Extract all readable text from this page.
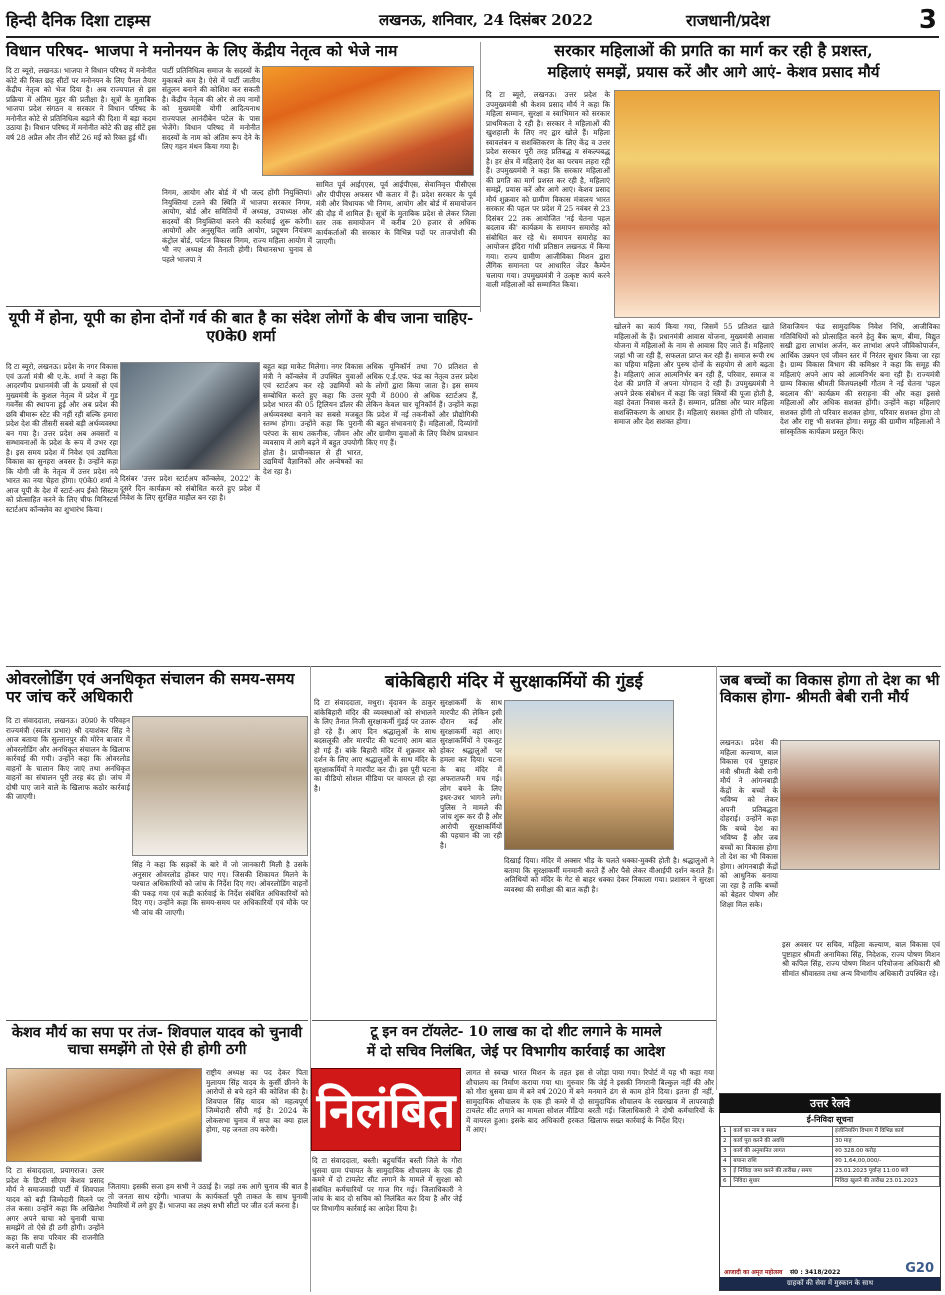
हिन्दी दैनिक दिशा टाइम्स	लखनऊ, शनिवार, 24 दिसंबर 2022	राजधानी/प्रदेश	3
विधान परिषद- भाजपा ने मनोनयन के लिए केंद्रीय नेतृत्व को भेजे नाम
दि टा ब्यूरो, लखनऊ। भाजपा ने विधान परिषद में मनोनीत कोटे की रिक्त छह सीटों पर मनोनयन के लिए पैनल तैयार केंद्रीय नेतृत्व को भेज दिया है। अब राज्यपाल से इस प्रक्रिया में अंतिम मुहर की प्रतीक्षा है। सूत्रों के मुताबिक भाजपा प्रदेश संगठन व सरकार ने विधान परिषद के मनोनीत कोटे से प्रतिनिधित्व बढ़ाने की दिशा में बड़ा कदम उठाया है। विधान परिषद में मनोनीत कोटे की छह सीटें इस वर्ष 28 अप्रैल और तीन सीटें 26 मई को रिक्त हुई थीं।
पार्टी प्रतिनिधित्व समाज के सदस्यों के मुकाबले कम है। ऐसे में पार्टी जातीय संतुलन बनाने की कोशिश कर सकती है। केंद्रीय नेतृत्व की ओर से तय नामों को मुख्यमंत्री योगी आदित्यनाथ राज्यपाल आनंदीबेन पटेल के पास भेजेंगे। विधान परिषद में मनोनीत सदस्यों के नाम को अंतिम रूप देने के लिए गहन मंथन किया गया है।
निगम, आयोग और बोर्ड में भी जल्द होंगी नियुक्तियां। नियुक्तियां टलने की स्थिति में भाजपा सरकार निगम, आयोग, बोर्ड और समितियों में अध्यक्ष, उपाध्यक्ष और सदस्यों की नियुक्तियां करने की कार्रवाई शुरू करेगी। आयोगों और अनुसूचित जाति आयोग, प्रदूषण नियंत्रण कंट्रोल बोर्ड, पर्यटन विकास निगम, राज्य महिला आयोग में भी नए अध्यक्ष की तैनाती होगी। विधानसभा चुनाव से पहले भाजपा ने
सामित पूर्व आईएएस, पूर्व आईपीएस, सेवानिवृत्त पीसीएस और पीपीएस अफसर भी कतार में हैं। प्रदेश सरकार के पूर्व मंत्री और विधायक भी निगम, आयोग और बोर्ड में समायोजन की दौड़ में शामिल हैं। सूत्रों के मुताबिक प्रदेश से लेकर जिला स्तर तक समायोजन में करीब 20 हजार से अधिक कार्यकर्ताओं की सरकार के विभिन्न पदों पर ताजपोशी की जाएगी।
सरकार महिलाओं की प्रगति का मार्ग कर रही है प्रशस्त,
महिलाएं समझें, प्रयास करें और आगे आएं- केशव प्रसाद मौर्य
दि टा ब्यूरो, लखनऊ। उत्तर प्रदेश के उपमुख्यमंत्री श्री केशव प्रसाद मौर्य ने कहा कि महिला सम्मान, सुरक्षा व स्वाभिमान को सरकार प्राथमिकता दे रही है। सरकार ने महिलाओं की खुशहाली के लिए नए द्वार खोले हैं। महिला स्वावलंबन व सशक्तिकरण के लिए केंद्र व उत्तर प्रदेश सरकार पूरी तरह प्रतिबद्ध व संकल्पबद्ध है। हर क्षेत्र में महिलाएं देश का परचम लहरा रही हैं। उपमुख्यमंत्री ने कहा कि सरकार महिलाओं की प्रगति का मार्ग प्रशस्त कर रही है, महिलाएं समझें, प्रयास करें और आगे आएं। केशव प्रसाद मौर्य शुक्रवार को ग्रामीण विकास मंत्रालय भारत सरकार की पहल पर प्रदेश में 25 नवंबर से 23 दिसंबर 22 तक आयोजित 'नई चेतना पहल बदलाव की' कार्यक्रम के समापन समारोह को संबोधित कर रहे थे। समापन समारोह का आयोजन इंदिरा गांधी प्रतिष्ठान लखनऊ में किया गया। राज्य ग्रामीण आजीविका मिशन द्वारा लैंगिक समानता पर आधारित जेंडर कैम्पेन चलाया गया। उपमुख्यमंत्री ने उत्कृष्ट कार्य करने वाली महिलाओं को सम्मानित किया।
खोलने का कार्य किया गया, जिसमें 55 प्रतिशत खाते महिलाओं के हैं। प्रधानमंत्री आवास योजना, मुख्यमंत्री आवास योजना में महिलाओं के नाम से आवास दिए जाते हैं। महिलाएं जहां भी जा रही हैं, सफलता प्राप्त कर रही हैं। समाज रूपी रथ का पहिया महिला और पुरुष दोनों के सहयोग से आगे बढ़ता है। महिलाएं आज आत्मनिर्भर बन रही हैं, परिवार, समाज व देश की प्रगति में अपना योगदान दे रही हैं। उपमुख्यमंत्री ने अपने प्रेरक संबोधन में कहा कि जहां स्त्रियों की पूजा होती है, वहां देवता निवास करते हैं। सम्मान, प्रतिष्ठा और प्यार महिला सशक्तिकरण के आधार हैं। महिलाएं सशक्त होंगी तो परिवार, समाज और देश सशक्त होगा।
शिवाजियन फंड सामुदायिक निवेश निधि, आजीविका गतिविधियों को प्रोत्साहित करने हेतु बैंक ऋण, बीमा, विद्युत सखी द्वारा लाभांश अर्जन, कर लाभांश अपने जीविकोपार्जन, आर्थिक उन्नयन एवं जीवन स्तर में निरंतर सुधार किया जा रहा है। ग्राम्य विकास विभाग की कमिश्नर ने कहा कि समूह की महिलाएं अपने आप को आत्मनिर्भर बना रही हैं। राज्यमंत्री ग्राम्य विकास श्रीमती विजयलक्ष्मी गौतम ने नई चेतना 'पहल बदलाव की' कार्यक्रम की सराहना की और कहा इससे महिलाओं और अधिक सशक्त होंगी। उन्होंने कहा महिलाएं सशक्त होंगी तो परिवार सशक्त होगा, परिवार सशक्त होगा तो देश और राष्ट्र भी सशक्त होगा। समूह की ग्रामीण महिलाओं ने सांस्कृतिक कार्यक्रम प्रस्तुत किए।
यूपी में होना, यूपी का होना दोनों गर्व की बात है का संदेश लोगों के बीच जाना चाहिए- ए0के0 शर्मा
दि टा ब्यूरो, लखनऊ। प्रदेश के नगर विकास एवं ऊर्जा मंत्री श्री ए.के. शर्मा ने कहा कि आदरणीय प्रधानमंत्री जी के प्रयासों से एवं मुख्यमंत्री के कुशल नेतृत्व में प्रदेश में गुड गवर्नेंस की स्थापना हुई और अब प्रदेश की छवि बीमारू स्टेट की नहीं रही बल्कि हमारा प्रदेश देश की तीसरी सबसे बड़ी अर्थव्यवस्था बन गया है। उत्तर प्रदेश अब अवसरों व सम्भावनाओं के प्रदेश के रूप में उभर रहा है। इस समय प्रदेश में निवेश एवं उद्यमिता विकास का सुनहरा अवसर है। उन्होंने कहा कि योगी जी के नेतृत्व में उत्तर प्रदेश नये भारत का नया चेहरा होगा। ए0के0 शर्मा ने आज यूपी के देश में स्टार्ट-अप ईको सिस्टम को प्रोत्साहित करने के लिए चीफ मिनिस्टर्स स्टार्टअप कॉन्क्लेव का शुभारंभ किया।
दिसंबर 'उत्तर प्रदेश स्टार्टअप कॉन्क्लेव, 2022' के दूसरे दिन कार्यक्रम को संबोधित करते हुए प्रदेश में निवेश के लिए सुरक्षित माहौल बन रहा है।
बहुत बड़ा माकेट मिलेगा। नगर विकास मंत्री ने कॉन्क्लेव में उपस्थित युवाओं एवं स्टार्टअप कर रहे उद्यमियों को सम्बोधित करते हुए कहा कि उत्तर प्रदेश भारत की 05 ट्रिलियन डॉलर की अर्थव्यवस्था बनाने का सबसे मजबूत स्तम्भ होगा। उन्होंने कहा कि पुरानी परंपरा के साथ तकनीक, जीवन और व्यवसाय में आगे बढ़ने में बहुत उपयोगी होता है। प्राचीनकाल से ही भारत, उद्यमियों वैज्ञानिकों और अन्वेषकों का देश रहा है।
अधिक यूनिकॉर्न तथा 70 प्रतिशत से अधिक ए.ई.एफ. फंड का नेतृत्व उत्तर प्रदेश के लोगों द्वारा किया जाता है। इस समय यूपी में 8000 से अधिक स्टार्टअप हैं, लेकिन केवल चार यूनिकॉर्न हैं। उन्होंने कहा कि प्रदेश में नई तकनीकों और प्रौद्योगिकी की बहुत संभावनाएं हैं। महिलाओं, दिव्यांगों और ग्रामीण युवाओं के लिए विशेष प्रावधान किए गए हैं।
ओवरलोडिंग एवं अनधिकृत संचालन की समय-समय पर जांच करें अधिकारी
दि टा संवाददाता, लखनऊ। उ0प्र0 के परिवहन राज्यमंत्री (स्वतंत्र प्रभार) श्री दयाशंकर सिंह ने आज बताया कि सुल्तानपुर की मोरेन बाजार में ओवरलोडिंग और अनधिकृत संचालन के खिलाफ कार्रवाई की गयी। उन्होंने कहा कि ओवरलोड वाहनों के चालान किए जाएं तथा अनधिकृत वाहनों का संचालन पूरी तरह बंद हो। जांच में दोषी पाए जाने वाले के खिलाफ कठोर कार्रवाई की जाएगी।
सिंह ने कहा कि सड़कों के बारे में जो जानकारी मिली है उसके अनुसार ओवरलोड होकर पाए गए। जिसकी शिकायत मिलने के पश्चात अधिकारियों को जांच के निर्देश दिए गए। ओवरलोडिंग वाहनों की पकड़ गया एवं कड़ी कार्रवाई के निर्देश संबंधित अधिकारियों को दिए गए। उन्होंने कहा कि समय-समय पर अधिकारियों एवं मौके पर भी जांच की जाएगी।
बांकेबिहारी मंदिर में सुरक्षाकर्मियों की गुंडई
दि टा संवाददाता, मथुरा। वृंदावन के ठाकुर बांकेबिहारी मंदिर की व्यवस्थाओं को संभालने के लिए तैनात निजी सुरक्षाकर्मी गुंडई पर उतारू हो रहे हैं। आए दिन श्रद्धालुओं के साथ बदसलूकी और मारपीट की घटनाएं आम बात हो गई हैं। बांके बिहारी मंदिर में शुक्रवार को दर्शन के लिए आए श्रद्धालुओं के साथ मंदिर के सुरक्षाकर्मियों ने मारपीट कर दी। इस पूरी घटना का वीडियो सोशल मीडिया पर वायरल हो रहा है।
सुरक्षाकर्मी के साथ मारपीट की लेकिन इसी दौरान कई और सुरक्षाकर्मी वहां आए। सुरक्षाकर्मियों ने एकजुट होकर श्रद्धालुओं पर हमला कर दिया। घटना के बाद मंदिर में अफरातफरी मच गई। लोग बचने के लिए इधर-उधर भागने लगे। पुलिस ने मामले की जांच शुरू कर दी है और आरोपी सुरक्षाकर्मियों की पहचान की जा रही है।
दिखाई दिया। मंदिर में अक्सर भीड़ के चलते धक्का-मुक्की होती है। श्रद्धालुओं ने बताया कि सुरक्षाकर्मी मनमानी करते हैं और पैसे लेकर वीआईपी दर्शन कराते हैं। अतिथियों को मंदिर के गेट से बाहर धक्का देकर निकाला गया। प्रशासन ने सुरक्षा व्यवस्था की समीक्षा की बात कही है।
जब बच्चों का विकास होगा तो देश का भी विकास होगा- श्रीमती बेबी रानी मौर्य
लखनऊ। प्रदेश की महिला कल्याण, बाल विकास एवं पुष्टाहार मंत्री श्रीमती बेबी रानी मौर्य ने आंगनबाड़ी केंद्रों के बच्चों के भविष्य को लेकर अपनी प्रतिबद्धता दोहराई। उन्होंने कहा कि बच्चे देश का भविष्य हैं और जब बच्चों का विकास होगा तो देश का भी विकास होगा। आंगनबाड़ी केंद्रों को आधुनिक बनाया जा रहा है ताकि बच्चों को बेहतर पोषण और शिक्षा मिल सके।
इस अवसर पर सचिव, महिला कल्याण, बाल विकास एवं पुष्टाहार श्रीमती अनामिका सिंह, निदेशक, राज्य पोषण मिशन श्री कपिल सिंह, राज्य पोषण मिशन परियोजना अधिकारी श्री सीमांत श्रीवास्तव तथा अन्य विभागीय अधिकारी उपस्थित रहे।
केशव मौर्य का सपा पर तंज- शिवपाल यादव को चुनावी चाचा समझेंगे तो ऐसे ही होगी ठगी
दि टा संवाददाता, प्रयागराज। उत्तर प्रदेश के डिप्टी सीएम केशव प्रसाद मौर्य ने समाजवादी पार्टी में शिवपाल यादव को बड़ी जिम्मेदारी मिलने पर तंज कसा। उन्होंने कहा कि अखिलेश अगर अपने चाचा को चुनावी चाचा समझेंगे तो ऐसे ही ठगी होगी। उन्होंने कहा कि सपा परिवार की राजनीति करने वाली पार्टी है।
राष्ट्रीय अध्यक्ष का पद देकर पिता मुलायम सिंह यादव के कुर्सी छीनने के आरोपों से बचे रहने की कोशिश की है। शिवपाल सिंह यादव को महत्वपूर्ण जिम्मेदारी सौंपी गई है। 2024 के लोकसभा चुनाव में सपा का क्या हाल होगा, यह जनता तय करेगी।
जिताया। इसकी सजा हम सभी ने उठाई है। जहां तक आगे चुनाव की बात है तो जनता साथ रहेगी। भाजपा के कार्यकर्ता पूरी ताकत के साथ चुनावी तैयारियों में लगे हुए हैं। भाजपा का लक्ष्य सभी सीटों पर जीत दर्ज करना है।
टू इन वन टॉयलेट- 10 लाख का दो शीट लगाने के मामले
में दो सचिव निलंबित, जेई पर विभागीय कार्रवाई का आदेश
निलंबित
दि टा संवाददाता, बस्ती। बहुचर्चित बस्ती जिले के गौरा धुसवा ग्राम पंचायत के सामुदायिक शौचालय के एक ही कमरे में दो टायलेट सीट लगाने के मामले में सुरक्षा को संबंधित कर्मचारियों पर गाज गिर गई। जिलाधिकारी ने जांच के बाद दो सचिव को निलंबित कर दिया है और जेई पर विभागीय कार्रवाई का आदेश दिया है।
लागत से स्वच्छ भारत मिशन के तहत इस शौचालय का निर्माण कराया गया था। गुरुवार को गौरा धुसवा ग्राम में बने वर्ष 2020 में बने सामुदायिक शौचालय के एक ही कमरे में दो टायलेट सीट लगाने का मामला सोशल मीडिया में वायरल हुआ। इसके बाद अधिकारी हरकत में आए।
से जोड़ा पाया गया। रिपोर्ट में यह भी कहा गया कि जेई ने इसकी निगरानी बिल्कुल नहीं की और मनमाने ढंग से काम होने दिया। इतना ही नहीं, सामुदायिक शौचालय के रखरखाव में लापरवाही बरती गई। जिलाधिकारी ने दोषी कर्मचारियों के खिलाफ सख्त कार्रवाई के निर्देश दिए।
उत्तर रेलवे
ई-निविदा सूचना
1	कार्य का नाम व स्थान	इंजीनियरिंग विभाग में विभिन्न कार्य
2	कार्य पूरा करने की अवधि	30 माह
3	कार्य की अनुमानित लागत	रु0 328.00 करोड़
4	बयाना राशि	रु0 1,64,00,000/-
5	ई निविदा जमा करने की तारीख / समय	23.01.2023 पूर्वान्ह 11:00 बजे
6	निविदा सुधार	निविदा खुलने की तारीख 23.01.2023
आजादी का अमृत महोत्सव सं0 : 3418/2022	G20
ग्राहकों की सेवा में मुस्कान के साथ
